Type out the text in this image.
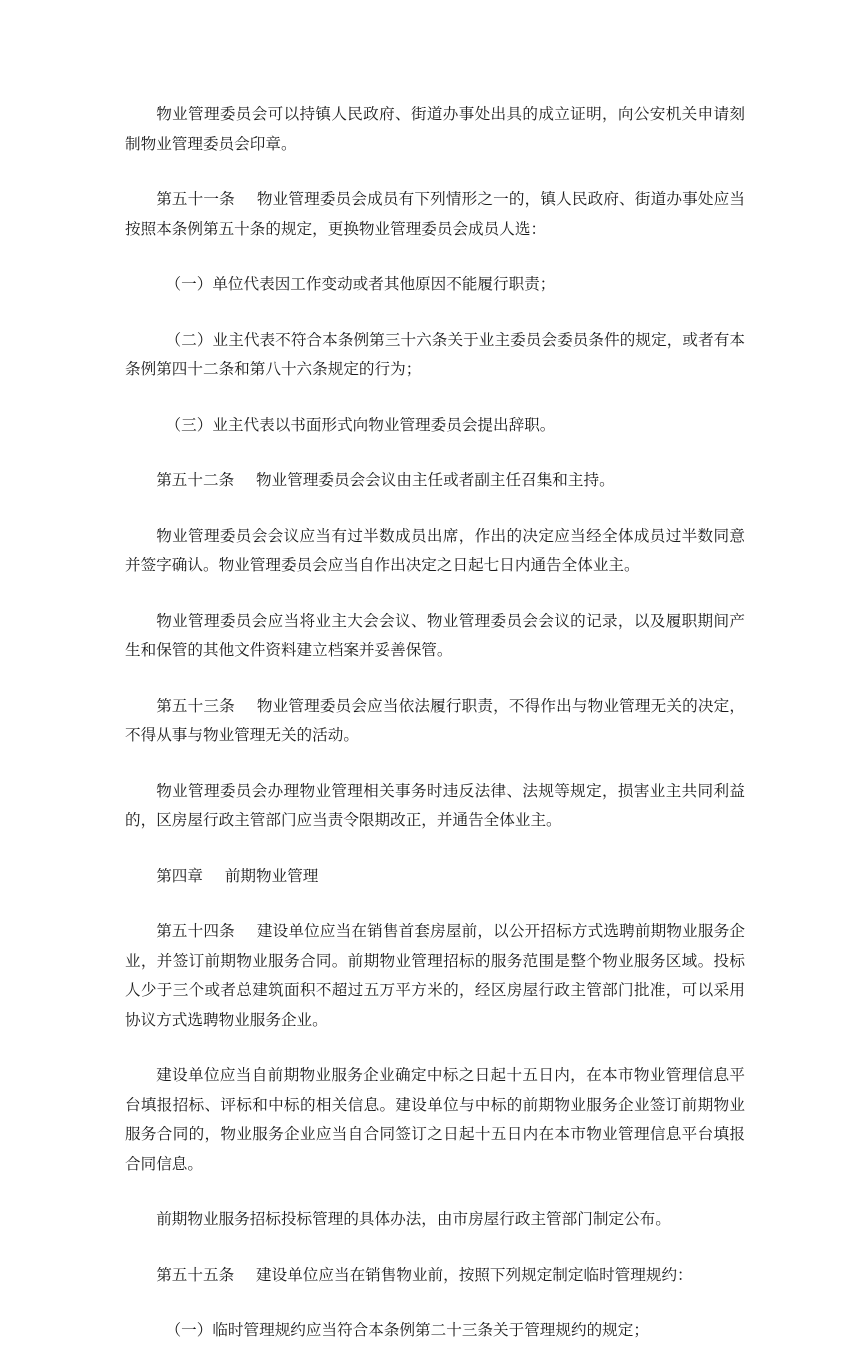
物业管理委员会可以持镇人民政府、街道办事处出具的成立证明，向公安机关申请刻制物业管理委员会印章。

第五十一条 物业管理委员会成员有下列情形之一的，镇人民政府、街道办事处应当按照本条例第五十条的规定，更换物业管理委员会成员人选：

（一）单位代表因工作变动或者其他原因不能履行职责；

（二）业主代表不符合本条例第三十六条关于业主委员会委员条件的规定，或者有本条例第四十二条和第八十六条规定的行为；

（三）业主代表以书面形式向物业管理委员会提出辞职。

第五十二条 物业管理委员会会议由主任或者副主任召集和主持。

物业管理委员会会议应当有过半数成员出席，作出的决定应当经全体成员过半数同意并签字确认。物业管理委员会应当自作出决定之日起七日内通告全体业主。

物业管理委员会应当将业主大会会议、物业管理委员会会议的记录，以及履职期间产生和保管的其他文件资料建立档案并妥善保管。

第五十三条 物业管理委员会应当依法履行职责，不得作出与物业管理无关的决定，不得从事与物业管理无关的活动。

物业管理委员会办理物业管理相关事务时违反法律、法规等规定，损害业主共同利益的，区房屋行政主管部门应当责令限期改正，并通告全体业主。

第四章 前期物业管理

第五十四条 建设单位应当在销售首套房屋前，以公开招标方式选聘前期物业服务企业，并签订前期物业服务合同。前期物业管理招标的服务范围是整个物业服务区域。投标人少于三个或者总建筑面积不超过五万平方米的，经区房屋行政主管部门批准，可以采用协议方式选聘物业服务企业。

建设单位应当自前期物业服务企业确定中标之日起十五日内，在本市物业管理信息平台填报招标、评标和中标的相关信息。建设单位与中标的前期物业服务企业签订前期物业服务合同的，物业服务企业应当自合同签订之日起十五日内在本市物业管理信息平台填报合同信息。

前期物业服务招标投标管理的具体办法，由市房屋行政主管部门制定公布。

第五十五条 建设单位应当在销售物业前，按照下列规定制定临时管理规约：

（一）临时管理规约应当符合本条例第二十三条关于管理规约的规定；
